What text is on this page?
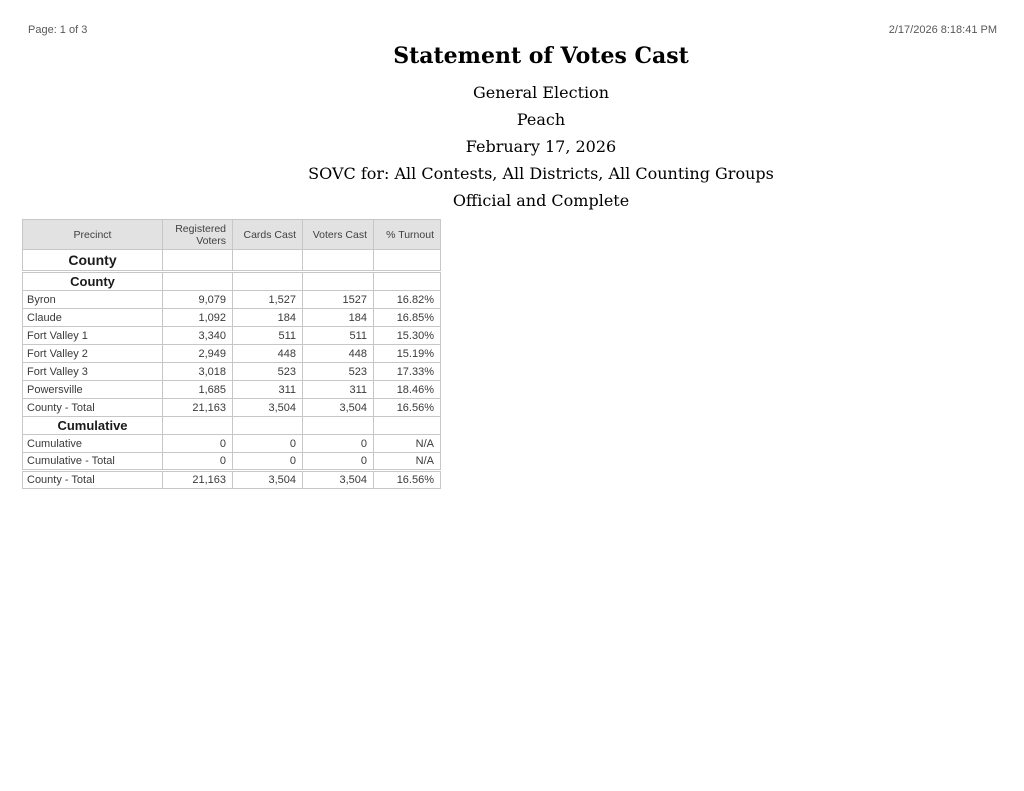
Page: 1 of 3	2/17/2026 8:18:41 PM
Statement of Votes Cast
General Election
Peach
February 17, 2026
SOVC for: All Contests, All Districts, All Counting Groups
Official and Complete
Precinct	Registered Voters	Cards Cast	Voters Cast	% Turnout
County				
County				
Byron	9,079	1,527	1527	16.82%
Claude	1,092	184	184	16.85%
Fort Valley 1	3,340	511	511	15.30%
Fort Valley 2	2,949	448	448	15.19%
Fort Valley 3	3,018	523	523	17.33%
Powersville	1,685	311	311	18.46%
County - Total	21,163	3,504	3,504	16.56%
Cumulative				
Cumulative	0	0	0	N/A
Cumulative - Total	0	0	0	N/A
County - Total	21,163	3,504	3,504	16.56%
